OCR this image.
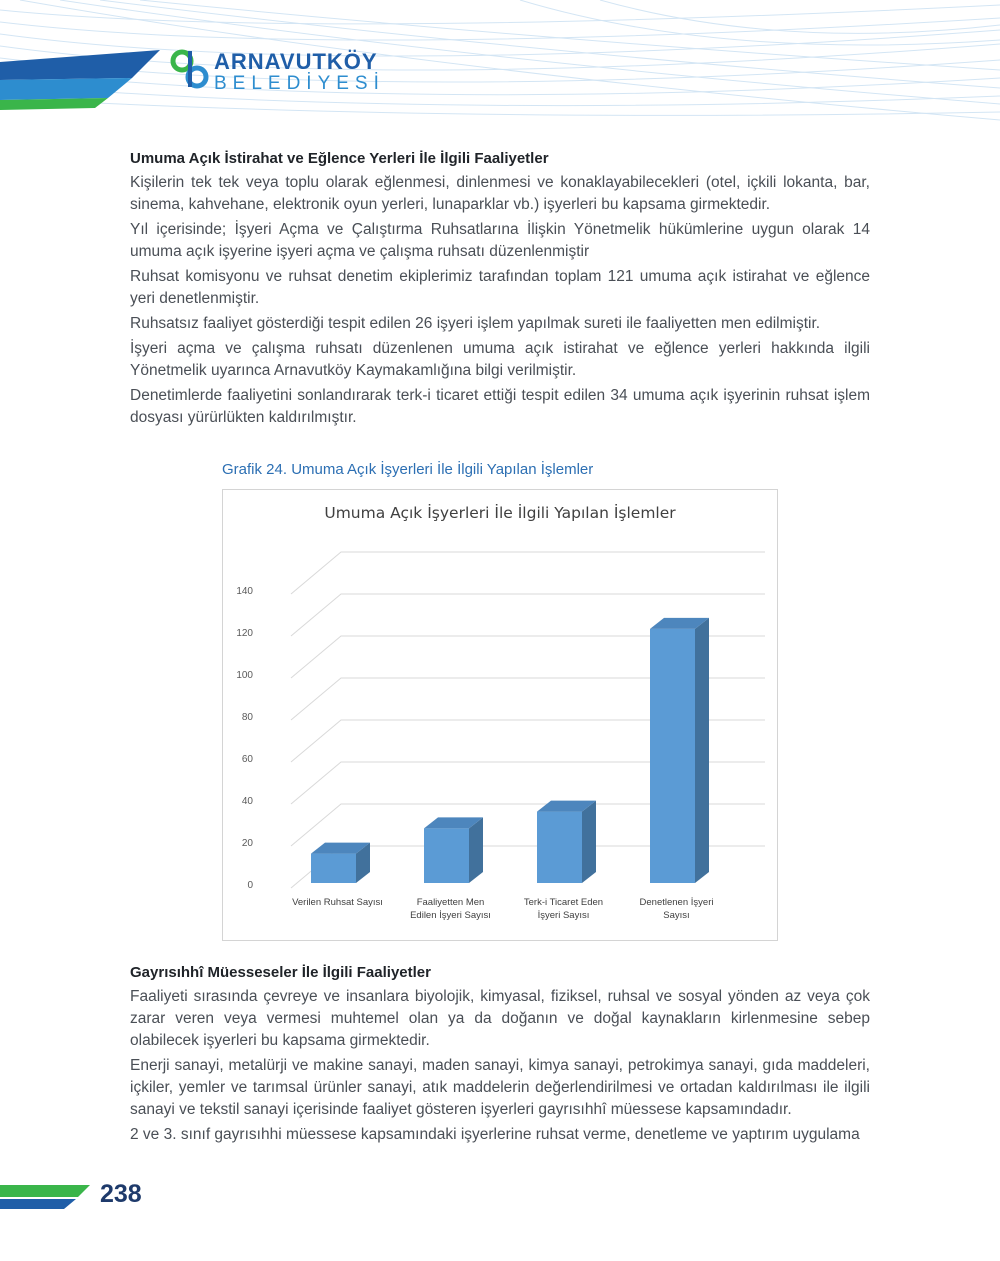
ARNAVUTKÖY
BELEDİYESİ
Umuma Açık İstirahat ve Eğlence Yerleri İle İlgili Faaliyetler

Kişilerin tek tek veya toplu olarak eğlenmesi, dinlenmesi ve konaklayabilecekleri (otel, içkili lokanta, bar, sinema, kahvehane, elektronik oyun yerleri, lunaparklar vb.) işyerleri bu kapsama girmektedir.

Yıl içerisinde; İşyeri Açma ve Çalıştırma Ruhsatlarına İlişkin Yönetmelik hükümlerine uygun olarak 14 umuma açık işyerine işyeri açma ve çalışma ruhsatı düzenlenmiştir

Ruhsat komisyonu ve ruhsat denetim ekiplerimiz tarafından toplam 121 umuma açık istirahat ve eğlence yeri denetlenmiştir.

Ruhsatsız faaliyet gösterdiği tespit edilen 26 işyeri işlem yapılmak sureti ile faaliyetten men edilmiştir.

İşyeri açma ve çalışma ruhsatı düzenlenen umuma açık istirahat ve eğlence yerleri hakkında ilgili Yönetmelik uyarınca Arnavutköy Kaymakamlığına bilgi verilmiştir.

Denetimlerde faaliyetini sonlandırarak terk-i ticaret ettiği tespit edilen 34 umuma açık işyerinin ruhsat işlem dosyası yürürlükten kaldırılmıştır.

Grafik 24. Umuma Açık İşyerleri İle İlgili Yapılan İşlemler
Umuma Açık İşyerleri İle İlgili Yapılan İşlemler
0
20
40
60
80
100
120
140
Verilen Ruhsat Sayısı	Faaliyetten Men
Edilen İşyeri Sayısı
Terk-i Ticaret Eden
İşyeri Sayısı
Denetlenen İşyeri
Sayısı
Gayrısıhhî Müesseseler İle İlgili Faaliyetler

Faaliyeti sırasında çevreye ve insanlara biyolojik, kimyasal, fiziksel, ruhsal ve sosyal yönden az veya çok zarar veren veya vermesi muhtemel olan ya da doğanın ve doğal kaynakların kirlenmesine sebep olabilecek işyerleri bu kapsama girmektedir.

Enerji sanayi, metalürji ve makine sanayi, maden sanayi, kimya sanayi, petrokimya sanayi, gıda maddeleri, içkiler, yemler ve tarımsal ürünler sanayi, atık maddelerin değerlendirilmesi ve ortadan kaldırılması ile ilgili sanayi ve tekstil sanayi içerisinde faaliyet gösteren işyerleri gayrısıhhî müessese kapsamındadır.

2 ve 3. sınıf gayrısıhhi müessese kapsamındaki işyerlerine ruhsat verme, denetleme ve yaptırım uygulama

238
